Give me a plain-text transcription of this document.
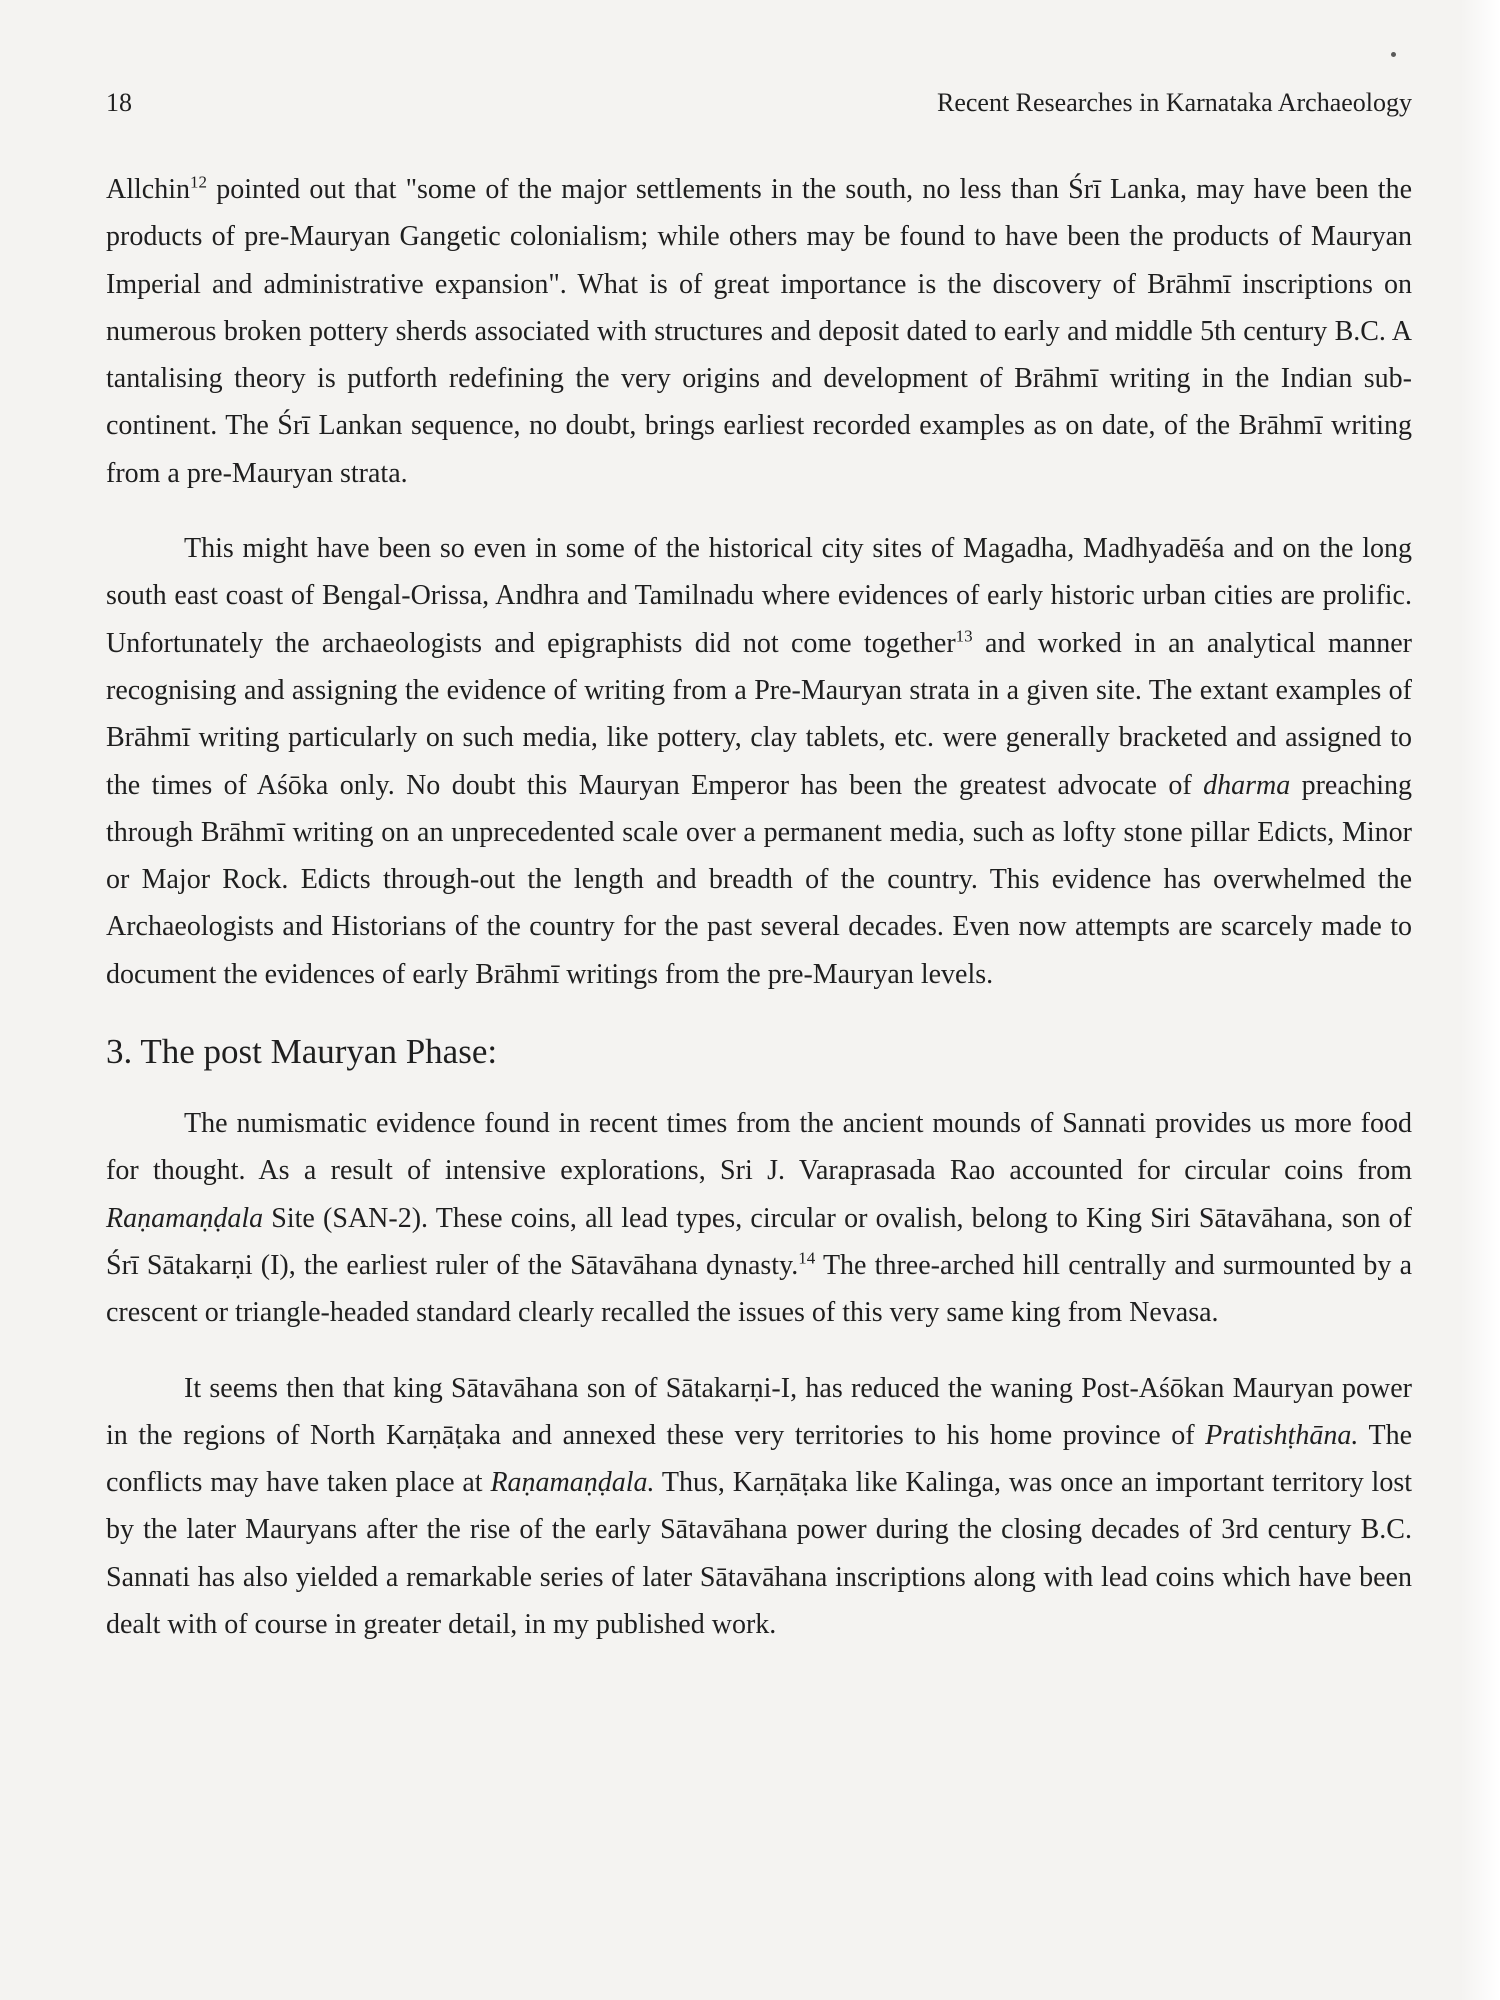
18	Recent Researches in Karnataka Archaeology

Allchin$^{12}$ pointed out that "some of the major settlements in the south, no less than Śrī Lanka, may have been the products of pre-Mauryan Gangetic colonialism; while others may be found to have been the products of Mauryan Imperial and administrative expansion". What is of great importance is the discovery of Brāhmī inscriptions on numerous broken pottery sherds associated with structures and deposit dated to early and middle 5th century B.C. A tantalising theory is putforth redefining the very origins and development of Brāhmī writing in the Indian sub-continent. The Śrī Lankan sequence, no doubt, brings earliest recorded examples as on date, of the Brāhmī writing from a pre-Mauryan strata.

This might have been so even in some of the historical city sites of Magadha, Madhyadēśa and on the long south east coast of Bengal-Orissa, Andhra and Tamilnadu where evidences of early historic urban cities are prolific. Unfortunately the archaeologists and epigraphists did not come together$^{13}$ and worked in an analytical manner recognising and assigning the evidence of writing from a Pre-Mauryan strata in a given site. The extant examples of Brāhmī writing particularly on such media, like pottery, clay tablets, etc. were generally bracketed and assigned to the times of Aśōka only. No doubt this Mauryan Emperor has been the greatest advocate of dharma preaching through Brāhmī writing on an unprecedented scale over a permanent media, such as lofty stone pillar Edicts, Minor or Major Rock. Edicts through-out the length and breadth of the country. This evidence has overwhelmed the Archaeologists and Historians of the country for the past several decades. Even now attempts are scarcely made to document the evidences of early Brāhmī writings from the pre-Mauryan levels.

3. The post Mauryan Phase:

The numismatic evidence found in recent times from the ancient mounds of Sannati provides us more food for thought. As a result of intensive explorations, Sri J. Varaprasada Rao accounted for circular coins from Raṇamaṇḍala Site (SAN-2). These coins, all lead types, circular or ovalish, belong to King Siri Sātavāhana, son of Śrī Sātakarṇi (I), the earliest ruler of the Sātavāhana dynasty.$^{14}$ The three-arched hill centrally and surmounted by a crescent or triangle-headed standard clearly recalled the issues of this very same king from Nevasa.

It seems then that king Sātavāhana son of Sātakarṇi-I, has reduced the waning Post-Aśōkan Mauryan power in the regions of North Karṇāṭaka and annexed these very territories to his home province of Pratishṭhāna. The conflicts may have taken place at Raṇamaṇḍala. Thus, Karṇāṭaka like Kalinga, was once an important territory lost by the later Mauryans after the rise of the early Sātavāhana power during the closing decades of 3rd century B.C. Sannati has also yielded a remarkable series of later Sātavāhana inscriptions along with lead coins which have been dealt with of course in greater detail, in my published work.
